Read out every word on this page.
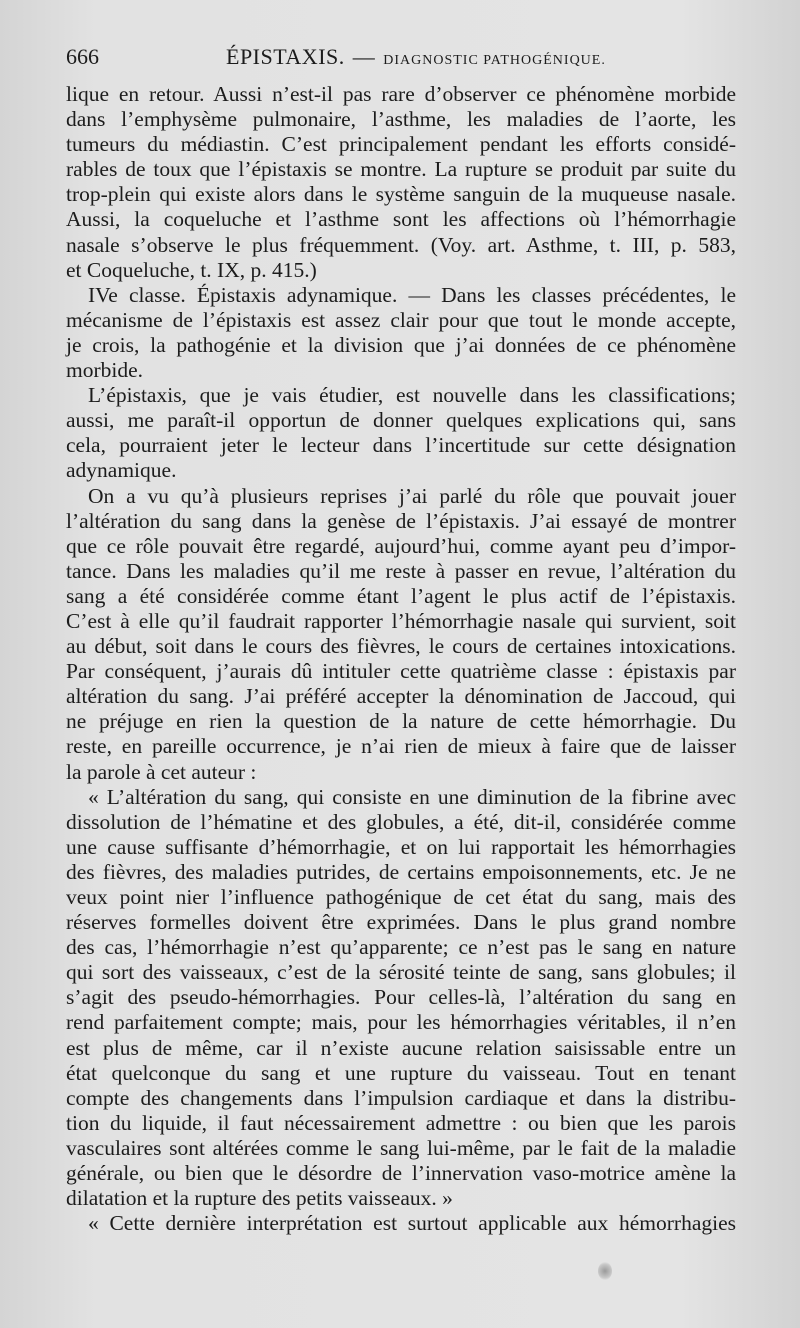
666	ÉPISTAXIS. — DIAGNOSTIC PATHOGÉNIQUE.
lique en retour. Aussi n’est-il pas rare d’observer ce phénomène morbide
dans l’emphysème pulmonaire, l’asthme, les maladies de l’aorte, les
tumeurs du médiastin. C’est principalement pendant les efforts considé-
rables de toux que l’épistaxis se montre. La rupture se produit par suite du
trop-plein qui existe alors dans le système sanguin de la muqueuse nasale.
Aussi, la coqueluche et l’asthme sont les affections où l’hémorrhagie
nasale s’observe le plus fréquemment. (Voy. art. Asthme, t. III, p. 583,
et Coqueluche, t. IX, p. 415.)
IVe classe. Épistaxis adynamique. — Dans les classes précédentes, le
mécanisme de l’épistaxis est assez clair pour que tout le monde accepte,
je crois, la pathogénie et la division que j’ai données de ce phénomène
morbide.
L’épistaxis, que je vais étudier, est nouvelle dans les classifications;
aussi, me paraît-il opportun de donner quelques explications qui, sans
cela, pourraient jeter le lecteur dans l’incertitude sur cette désignation
adynamique.
On a vu qu’à plusieurs reprises j’ai parlé du rôle que pouvait jouer
l’altération du sang dans la genèse de l’épistaxis. J’ai essayé de montrer
que ce rôle pouvait être regardé, aujourd’hui, comme ayant peu d’impor-
tance. Dans les maladies qu’il me reste à passer en revue, l’altération du
sang a été considérée comme étant l’agent le plus actif de l’épistaxis.
C’est à elle qu’il faudrait rapporter l’hémorrhagie nasale qui survient, soit
au début, soit dans le cours des fièvres, le cours de certaines intoxications.
Par conséquent, j’aurais dû intituler cette quatrième classe : épistaxis par
altération du sang. J’ai préféré accepter la dénomination de Jaccoud, qui
ne préjuge en rien la question de la nature de cette hémorrhagie. Du
reste, en pareille occurrence, je n’ai rien de mieux à faire que de laisser
la parole à cet auteur :
« L’altération du sang, qui consiste en une diminution de la fibrine avec
dissolution de l’hématine et des globules, a été, dit-il, considérée comme
une cause suffisante d’hémorrhagie, et on lui rapportait les hémorrhagies
des fièvres, des maladies putrides, de certains empoisonnements, etc. Je ne
veux point nier l’influence pathogénique de cet état du sang, mais des
réserves formelles doivent être exprimées. Dans le plus grand nombre
des cas, l’hémorrhagie n’est qu’apparente; ce n’est pas le sang en nature
qui sort des vaisseaux, c’est de la sérosité teinte de sang, sans globules; il
s’agit des pseudo-hémorrhagies. Pour celles-là, l’altération du sang en
rend parfaitement compte; mais, pour les hémorrhagies véritables, il n’en
est plus de même, car il n’existe aucune relation saisissable entre un
état quelconque du sang et une rupture du vaisseau. Tout en tenant
compte des changements dans l’impulsion cardiaque et dans la distribu-
tion du liquide, il faut nécessairement admettre : ou bien que les parois
vasculaires sont altérées comme le sang lui-même, par le fait de la maladie
générale, ou bien que le désordre de l’innervation vaso-motrice amène la
dilatation et la rupture des petits vaisseaux. »
« Cette dernière interprétation est surtout applicable aux hémorrhagies
